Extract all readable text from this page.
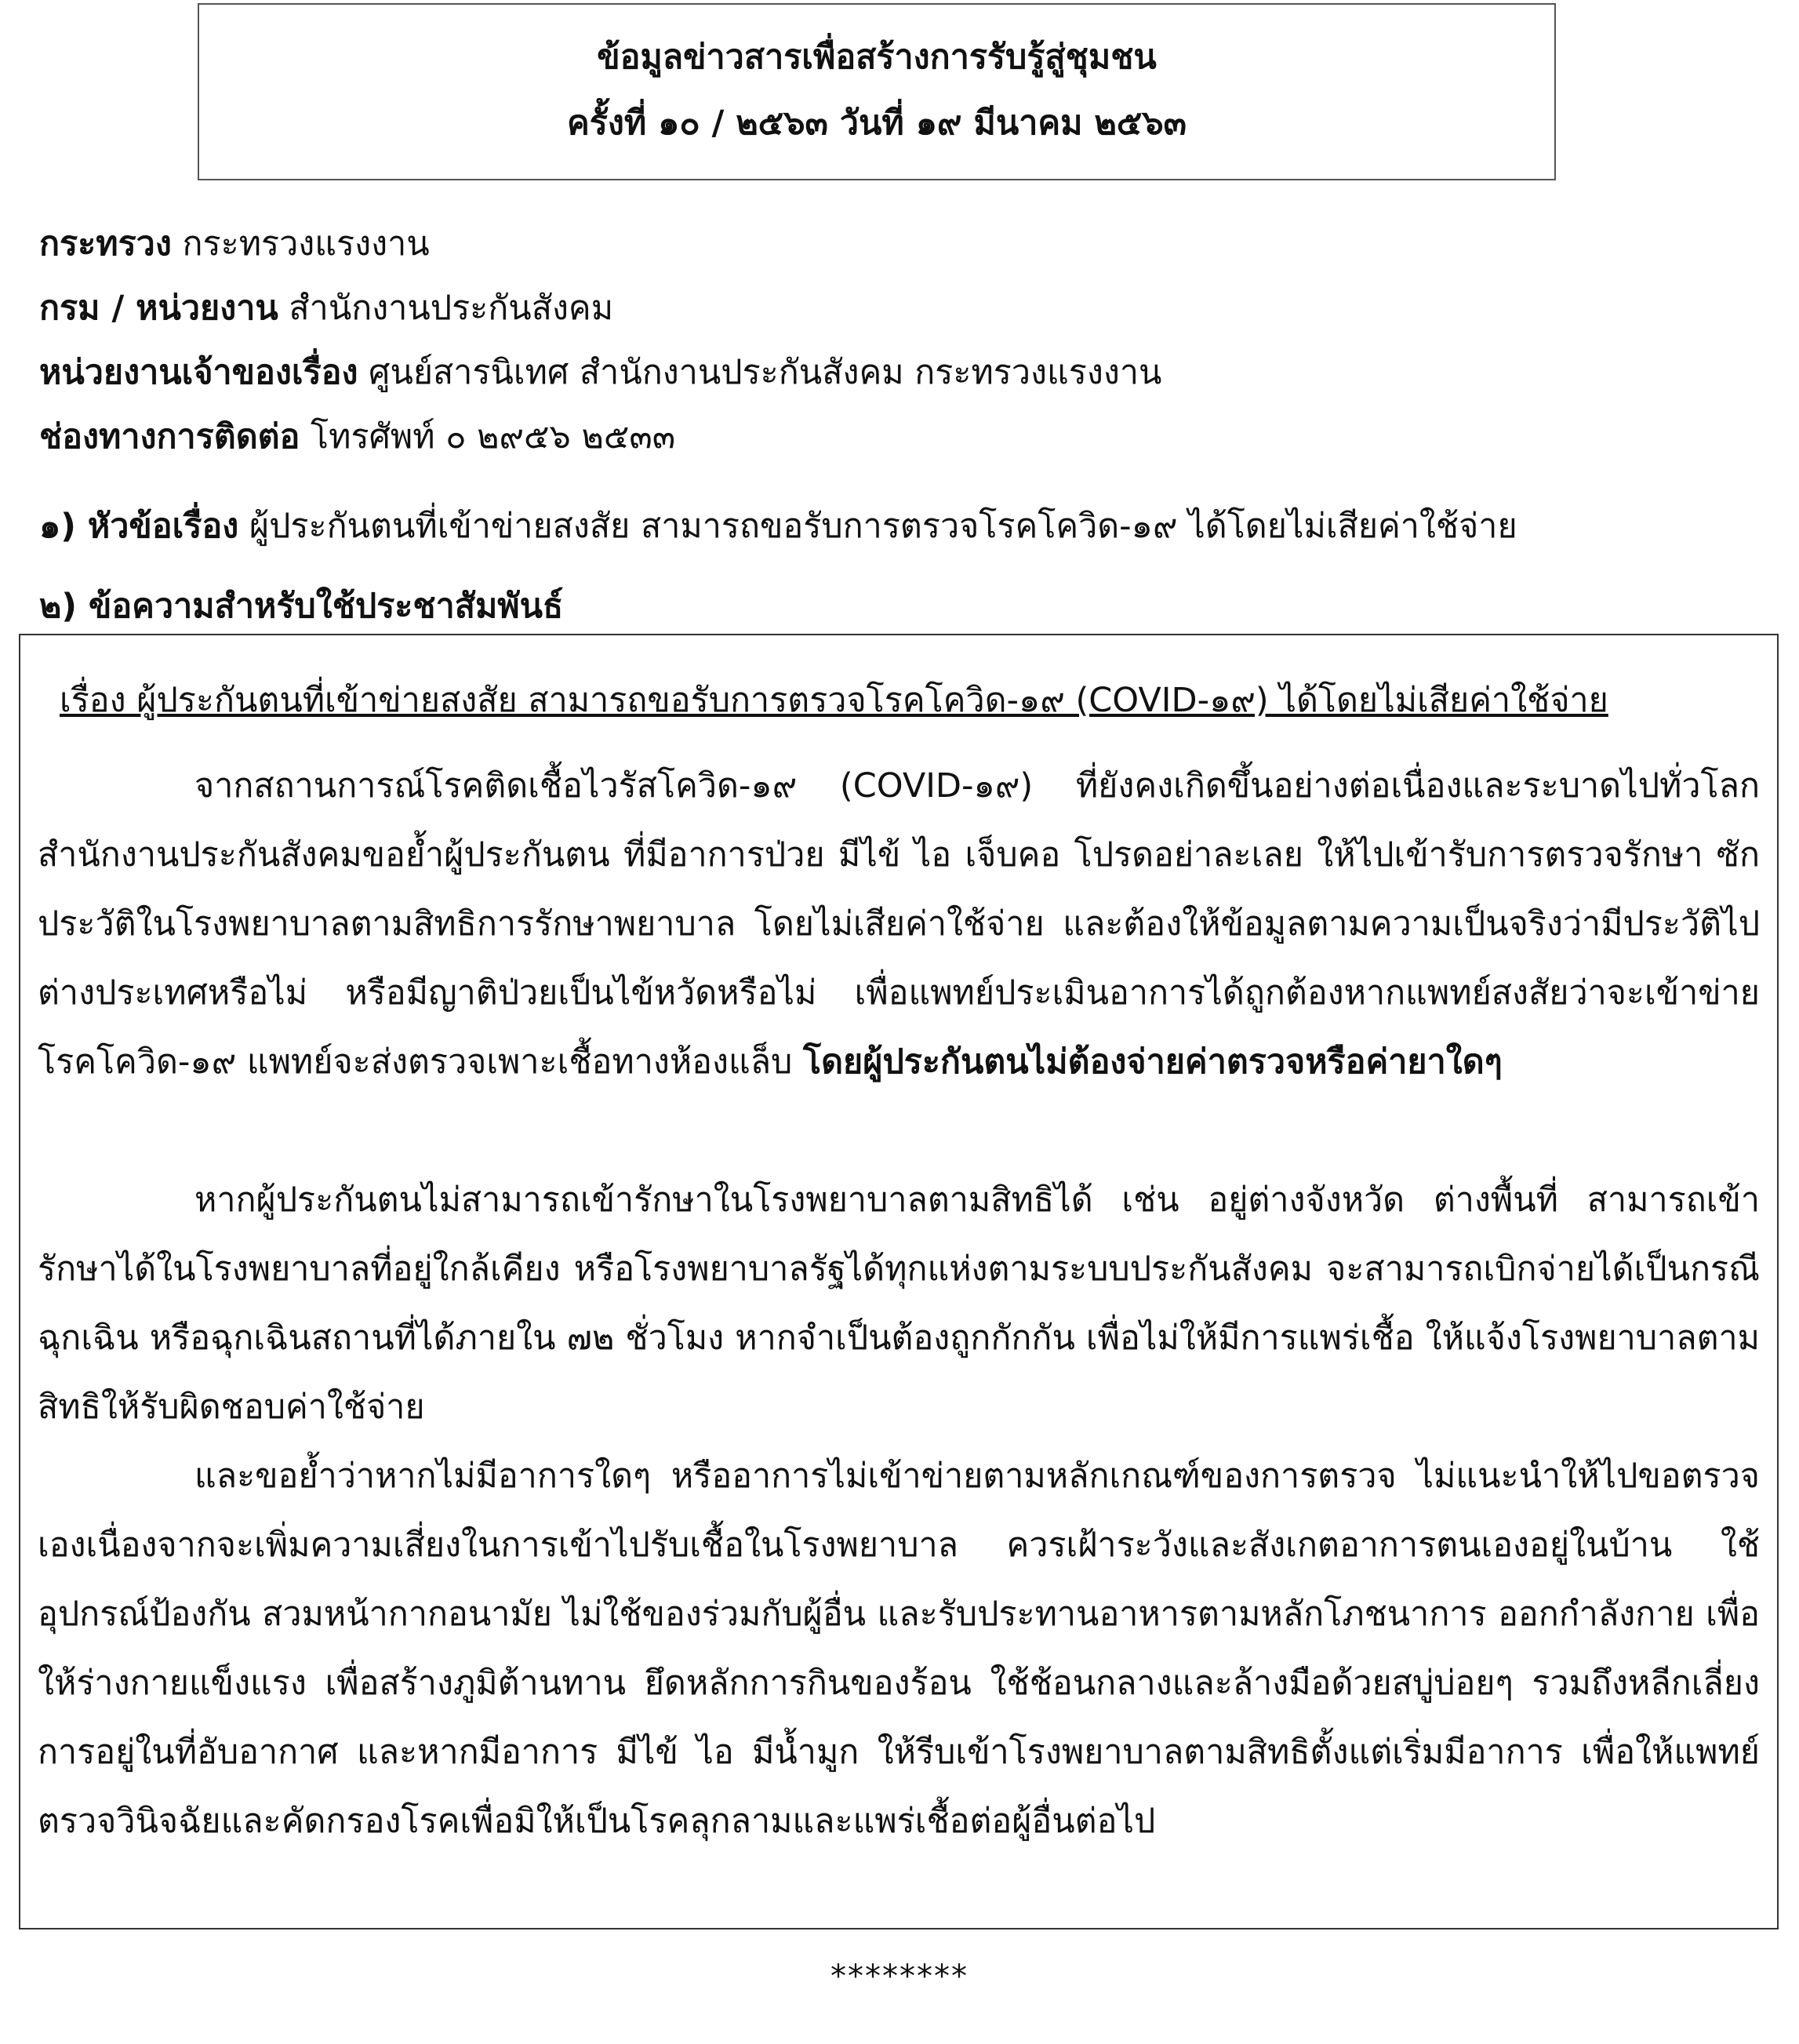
ข้อมูลข่าวสารเพื่อสร้างการรับรู้สู่ชุมชน
ครั้งที่ ๑๐ / ๒๕๖๓ วันที่ ๑๙ มีนาคม ๒๕๖๓
กระทรวง กระทรวงแรงงาน
กรม / หน่วยงาน สำนักงานประกันสังคม
หน่วยงานเจ้าของเรื่อง ศูนย์สารนิเทศ สำนักงานประกันสังคม กระทรวงแรงงาน
ช่องทางการติดต่อ โทรศัพท์ ๐ ๒๙๕๖ ๒๕๓๓
๑) หัวข้อเรื่อง ผู้ประกันตนที่เข้าข่ายสงสัย สามารถขอรับการตรวจโรคโควิด-๑๙ ได้โดยไม่เสียค่าใช้จ่าย
๒) ข้อความสำหรับใช้ประชาสัมพันธ์
เรื่อง ผู้ประกันตนที่เข้าข่ายสงสัย สามารถขอรับการตรวจโรคโควิด-๑๙ (COVID-๑๙) ได้โดยไม่เสียค่าใช้จ่าย
จากสถานการณ์โรคติดเชื้อไวรัสโควิด-๑๙ (COVID-๑๙) ที่ยังคงเกิดขึ้นอย่างต่อเนื่องและระบาดไปทั่วโลก สำนักงานประกันสังคมขอย้ำผู้ประกันตน ที่มีอาการป่วย มีไข้ ไอ เจ็บคอ โปรดอย่าละเลย ให้ไปเข้ารับการตรวจรักษา ซักประวัติในโรงพยาบาลตามสิทธิการรักษาพยาบาล โดยไม่เสียค่าใช้จ่าย และต้องให้ข้อมูลตามความเป็นจริงว่ามีประวัติไปต่างประเทศหรือไม่ หรือมีญาติป่วยเป็นไข้หวัดหรือไม่ เพื่อแพทย์ประเมินอาการได้ถูกต้องหากแพทย์สงสัยว่าจะเข้าข่ายโรคโควิด-๑๙ แพทย์จะส่งตรวจเพาะเชื้อทางห้องแล็บ โดยผู้ประกันตนไม่ต้องจ่ายค่าตรวจหรือค่ายาใดๆ
หากผู้ประกันตนไม่สามารถเข้ารักษาในโรงพยาบาลตามสิทธิได้ เช่น อยู่ต่างจังหวัด ต่างพื้นที่ สามารถเข้ารักษาได้ในโรงพยาบาลที่อยู่ใกล้เคียง หรือโรงพยาบาลรัฐได้ทุกแห่งตามระบบประกันสังคม จะสามารถเบิกจ่ายได้เป็นกรณีฉุกเฉิน หรือฉุกเฉินสถานที่ได้ภายใน ๗๒ ชั่วโมง หากจำเป็นต้องถูกกักกัน เพื่อไม่ให้มีการแพร่เชื้อ ให้แจ้งโรงพยาบาลตามสิทธิให้รับผิดชอบค่าใช้จ่าย
และขอย้ำว่าหากไม่มีอาการใดๆ หรืออาการไม่เข้าข่ายตามหลักเกณฑ์ของการตรวจ ไม่แนะนำให้ไปขอตรวจเองเนื่องจากจะเพิ่มความเสี่ยงในการเข้าไปรับเชื้อในโรงพยาบาล ควรเฝ้าระวังและสังเกตอาการตนเองอยู่ในบ้าน ใช้อุปกรณ์ป้องกัน สวมหน้ากากอนามัย ไม่ใช้ของร่วมกับผู้อื่น และรับประทานอาหารตามหลักโภชนาการ ออกกำลังกาย เพื่อให้ร่างกายแข็งแรง เพื่อสร้างภูมิต้านทาน ยึดหลักการกินของร้อน ใช้ช้อนกลางและล้างมือด้วยสบู่บ่อยๆ รวมถึงหลีกเลี่ยงการอยู่ในที่อับอากาศ และหากมีอาการ มีไข้ ไอ มีน้ำมูก ให้รีบเข้าโรงพยาบาลตามสิทธิตั้งแต่เริ่มมีอาการ เพื่อให้แพทย์ตรวจวินิจฉัยและคัดกรองโรคเพื่อมิให้เป็นโรคลุกลามและแพร่เชื้อต่อผู้อื่นต่อไป
********
